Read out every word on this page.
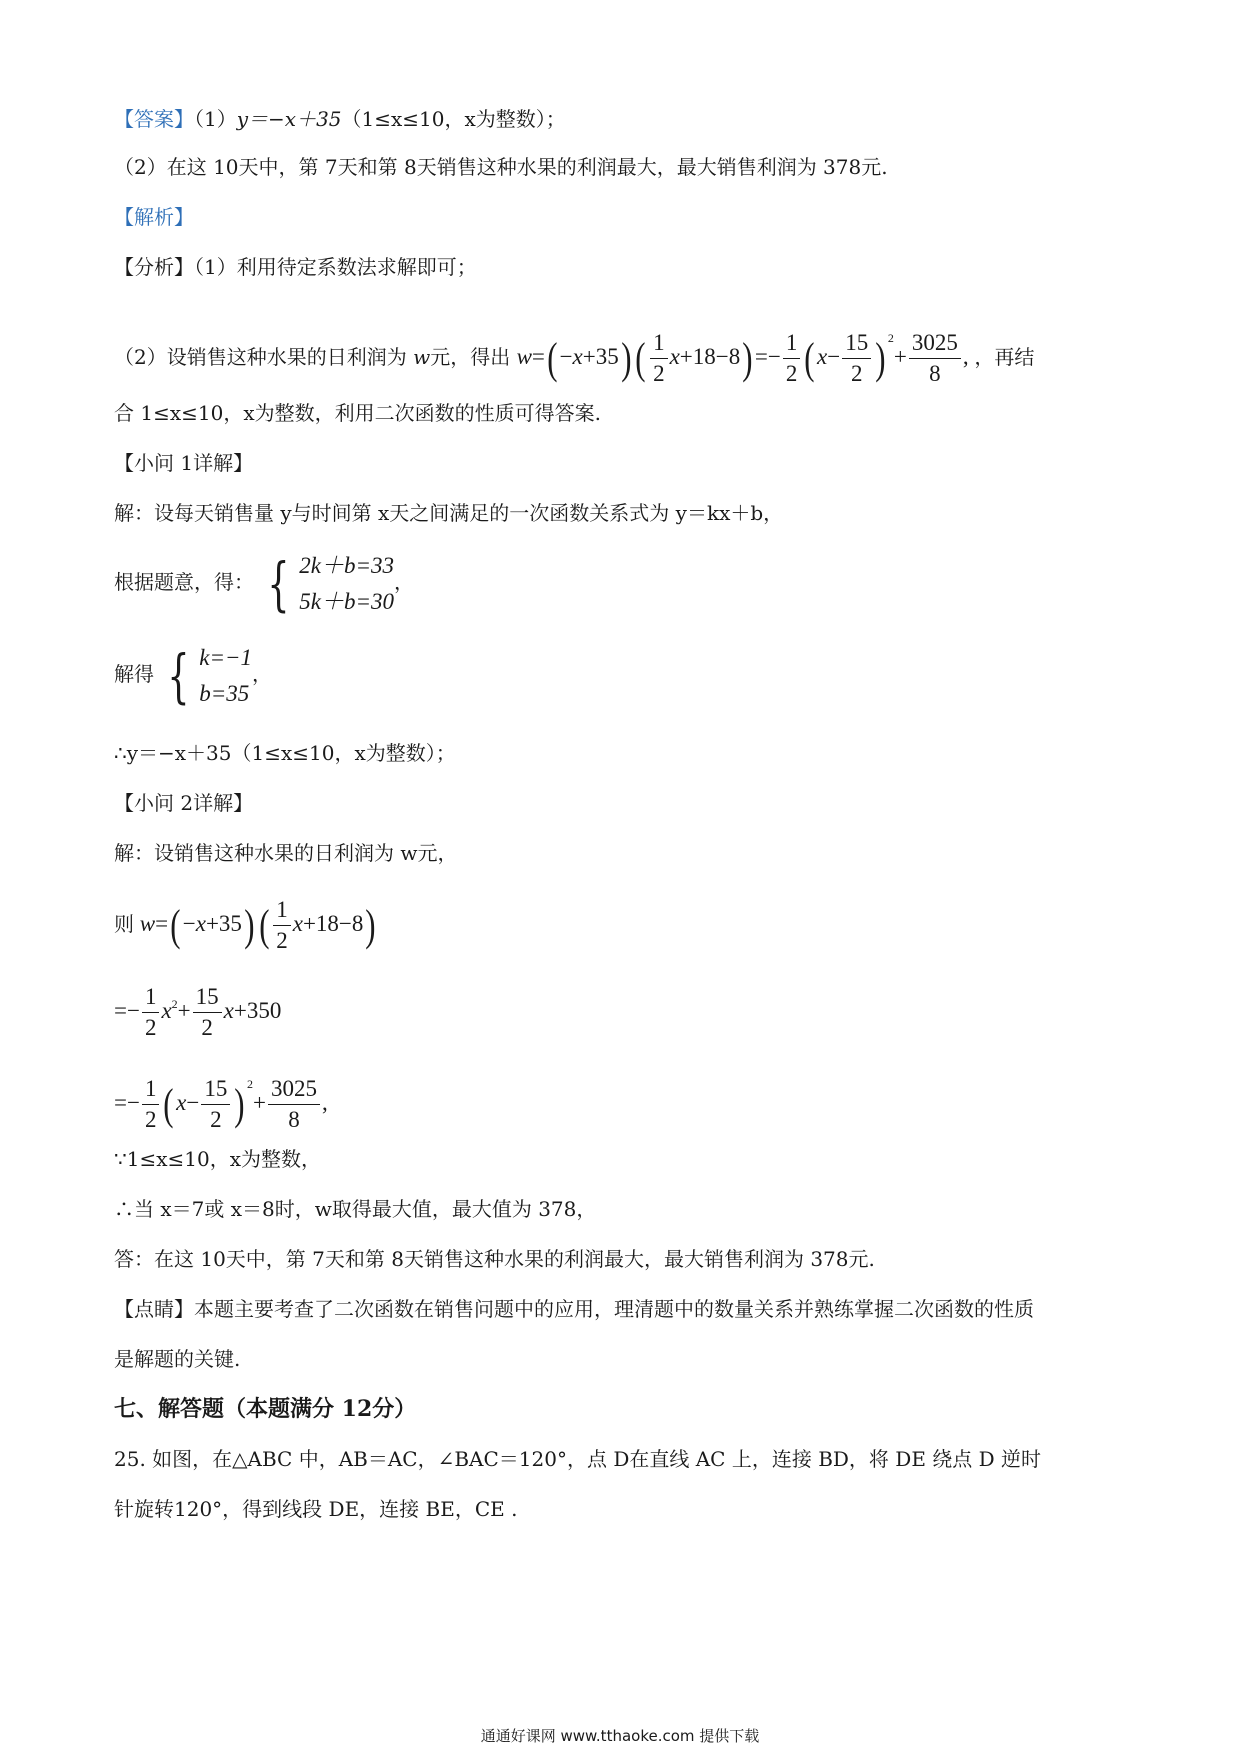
【答案】（1）y＝−x＋35（1≤x≤10，x为整数）；
（2）在这 10天中，第 7天和第 8天销售这种水果的利润最大，最大销售利润为 378元.
【解析】
【分析】（1）利用待定系数法求解即可；
（2）设销售这种水果的日利润为 w元，得出 $w=(-x+35)( \frac{1}{2} x+18-8)=- \frac{1}{2} (x- \frac{15}{2}$ ) $^2+ \frac{3025}{8}$ , ，再结
合 1≤x≤10，x为整数，利用二次函数的性质可得答案.
【小问 1详解】
解：设每天销售量 y与时间第 x天之间满足的一次函数关系式为 y＝kx＋b，
根据题意，得： { 2k＋b=33
5k＋b=30
，
解得 { k=−1
b=35
，
∴y＝−x＋35（1≤x≤10，x为整数）；
【小问 2详解】
解：设销售这种水果的日利润为 w元，
则 $w=(-x+35)( \frac{1}{2} x+18-8)$
=− $\frac{1}{2} x^2+ \frac{15}{2} x+350$
=− $\frac{1}{2} (x- \frac{15}{2}$ ) $^2+ \frac{3025}{8}$ ,
∵1≤x≤10，x为整数，
∴当 x＝7或 x＝8时，w取得最大值，最大值为 378，
答：在这 10天中，第 7天和第 8天销售这种水果的利润最大，最大销售利润为 378元.
【点睛】本题主要考查了二次函数在销售问题中的应用，理清题中的数量关系并熟练掌握二次函数的性质
是解题的关键.
七、解答题（本题满分 12分）
25. 如图，在△ABC 中，AB＝AC，∠BAC＝120°，点 D在直线 AC 上，连接 BD，将 DE 绕点 D 逆时
针旋转120°，得到线段 DE，连接 BE，CE .
通通好课网 www.tthaoke.com 提供下载
